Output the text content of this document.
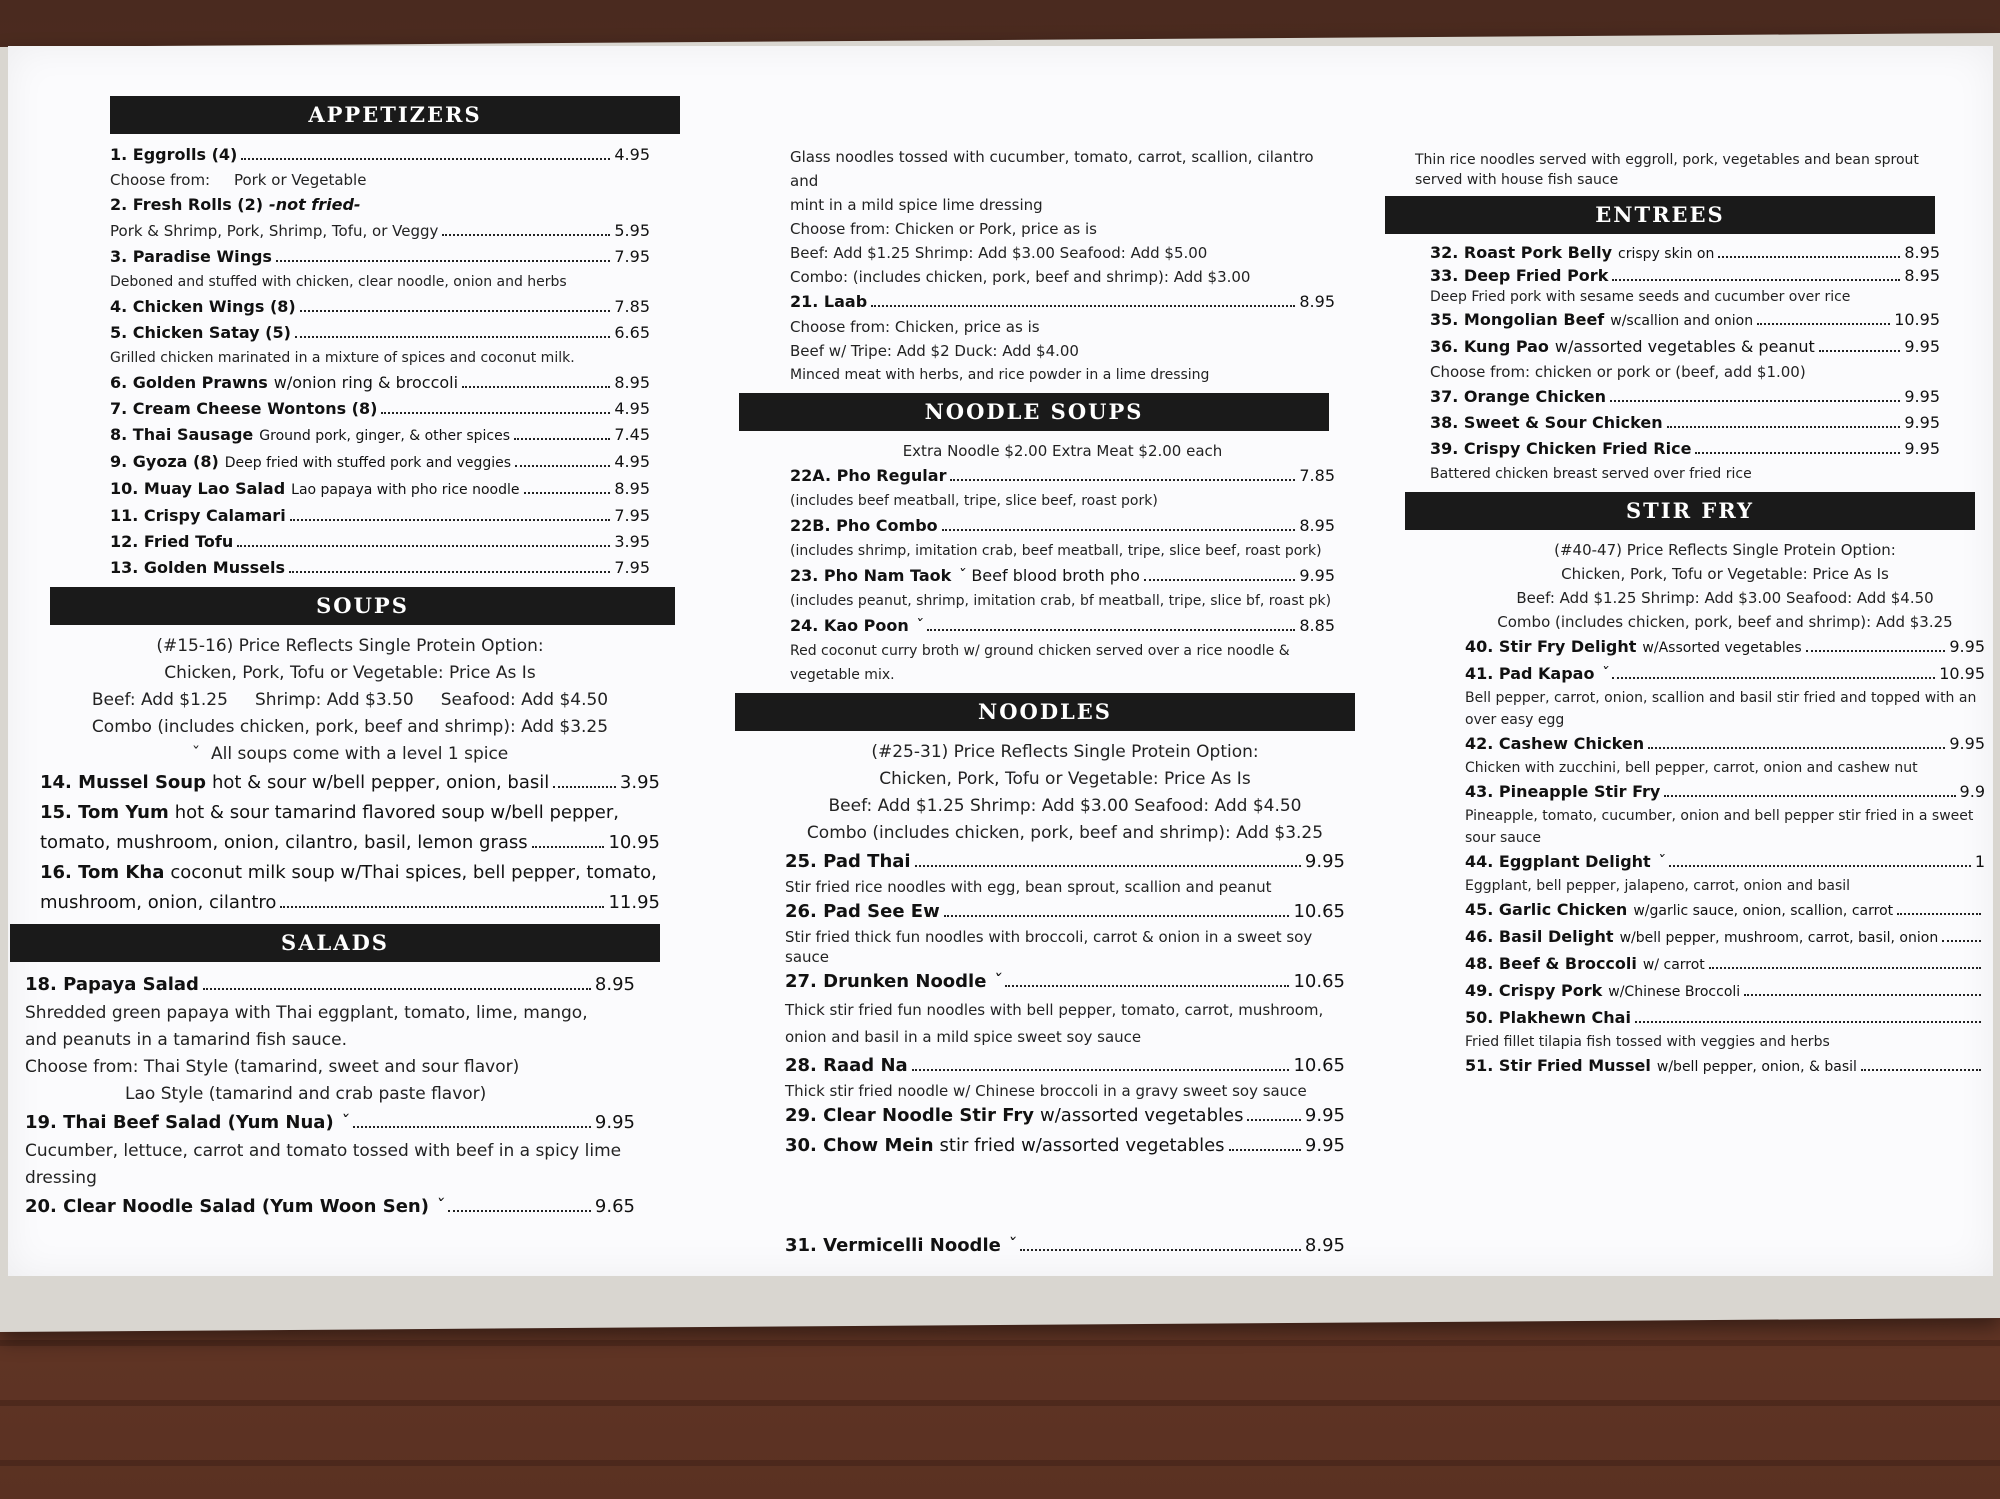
APPETIZERS
1. Eggrolls (4)	4.95
Choose from: Pork or Vegetable
2. Fresh Rolls (2) -not fried-
Pork & Shrimp, Pork, Shrimp, Tofu, or Veggy	5.95
3. Paradise Wings	7.95
Deboned and stuffed with chicken, clear noodle, onion and herbs
4. Chicken Wings (8)	7.85
5. Chicken Satay (5)	6.65
Grilled chicken marinated in a mixture of spices and coconut milk.
6. Golden Prawns w/onion ring & broccoli	8.95
7. Cream Cheese Wontons (8)	4.95
8. Thai Sausage Ground pork, ginger, & other spices	7.45
9. Gyoza (8) Deep fried with stuffed pork and veggies	4.95
10. Muay Lao Salad Lao papaya with pho rice noodle	8.95
11. Crispy Calamari	7.95
12. Fried Tofu	3.95
13. Golden Mussels	7.95
SOUPS
(#15-16) Price Reflects Single Protein Option:
Chicken, Pork, Tofu or Vegetable: Price As Is
Beef: Add $1.25 Shrimp: Add $3.50 Seafood: Add $4.50
Combo (includes chicken, pork, beef and shrimp): Add $3.25
ˇ All soups come with a level 1 spice
14. Mussel Soup hot & sour w/bell pepper, onion, basil	3.95
15. Tom Yum hot & sour tamarind flavored soup w/bell pepper,
tomato, mushroom, onion, cilantro, basil, lemon grass	10.95
16. Tom Kha coconut milk soup w/Thai spices, bell pepper, tomato,
mushroom, onion, cilantro	11.95
SALADS
18. Papaya Salad	8.95
Shredded green papaya with Thai eggplant, tomato, lime, mango,
and peanuts in a tamarind fish sauce.
Choose from: Thai Style (tamarind, sweet and sour flavor)
Lao Style (tamarind and crab paste flavor)
19. Thai Beef Salad (Yum Nua) ˇ	9.95
Cucumber, lettuce, carrot and tomato tossed with beef in a spicy lime
dressing
20. Clear Noodle Salad (Yum Woon Sen) ˇ	9.65
Glass noodles tossed with cucumber, tomato, carrot, scallion, cilantro and
mint in a mild spice lime dressing
Choose from: Chicken or Pork, price as is
Beef: Add $1.25 Shrimp: Add $3.00 Seafood: Add $5.00
Combo: (includes chicken, pork, beef and shrimp): Add $3.00
21. Laab	8.95
Choose from: Chicken, price as is
Beef w/ Tripe: Add $2 Duck: Add $4.00
Minced meat with herbs, and rice powder in a lime dressing
NOODLE SOUPS
Extra Noodle $2.00 Extra Meat $2.00 each
22A. Pho Regular	7.85
(includes beef meatball, tripe, slice beef, roast pork)
22B. Pho Combo	8.95
(includes shrimp, imitation crab, beef meatball, tripe, slice beef, roast pork)
23. Pho Nam Taok ˇ Beef blood broth pho	9.95
(includes peanut, shrimp, imitation crab, bf meatball, tripe, slice bf, roast pk)
24. Kao Poon ˇ	8.85
Red coconut curry broth w/ ground chicken served over a rice noodle &
vegetable mix.
NOODLES
(#25-31) Price Reflects Single Protein Option:
Chicken, Pork, Tofu or Vegetable: Price As Is
Beef: Add $1.25 Shrimp: Add $3.00 Seafood: Add $4.50
Combo (includes chicken, pork, beef and shrimp): Add $3.25
25. Pad Thai	9.95
Stir fried rice noodles with egg, bean sprout, scallion and peanut
26. Pad See Ew	10.65
Stir fried thick fun noodles with broccoli, carrot & onion in a sweet soy sauce
27. Drunken Noodle ˇ	10.65
Thick stir fried fun noodles with bell pepper, tomato, carrot, mushroom,
onion and basil in a mild spice sweet soy sauce
28. Raad Na	10.65
Thick stir fried noodle w/ Chinese broccoli in a gravy sweet soy sauce
29. Clear Noodle Stir Fry w/assorted vegetables	9.95
30. Chow Mein stir fried w/assorted vegetables	9.95
31. Vermicelli Noodle ˇ	8.95
Thin rice noodles served with eggroll, pork, vegetables and bean sprout
served with house fish sauce
ENTREES
32. Roast Pork Belly crispy skin on	8.95
33. Deep Fried Pork	8.95
Deep Fried pork with sesame seeds and cucumber over rice
35. Mongolian Beef w/scallion and onion	10.95
36. Kung Pao w/assorted vegetables & peanut	9.95
Choose from: chicken or pork or (beef, add $1.00)
37. Orange Chicken	9.95
38. Sweet & Sour Chicken	9.95
39. Crispy Chicken Fried Rice	9.95
Battered chicken breast served over fried rice
STIR FRY
(#40-47) Price Reflects Single Protein Option:
Chicken, Pork, Tofu or Vegetable: Price As Is
Beef: Add $1.25 Shrimp: Add $3.00 Seafood: Add $4.50
Combo (includes chicken, pork, beef and shrimp): Add $3.25
40. Stir Fry Delight w/Assorted vegetables	9.95
41. Pad Kapao ˇ	10.95
Bell pepper, carrot, onion, scallion and basil stir fried and topped with an
over easy egg
42. Cashew Chicken	9.95
Chicken with zucchini, bell pepper, carrot, onion and cashew nut
43. Pineapple Stir Fry	9.9
Pineapple, tomato, cucumber, onion and bell pepper stir fried in a sweet
sour sauce
44. Eggplant Delight ˇ	1
Eggplant, bell pepper, jalapeno, carrot, onion and basil
45. Garlic Chicken w/garlic sauce, onion, scallion, carrot
46. Basil Delight w/bell pepper, mushroom, carrot, basil, onion
48. Beef & Broccoli w/ carrot
49. Crispy Pork w/Chinese Broccoli
50. Plakhewn Chai
Fried fillet tilapia fish tossed with veggies and herbs
51. Stir Fried Mussel w/bell pepper, onion, & basil
